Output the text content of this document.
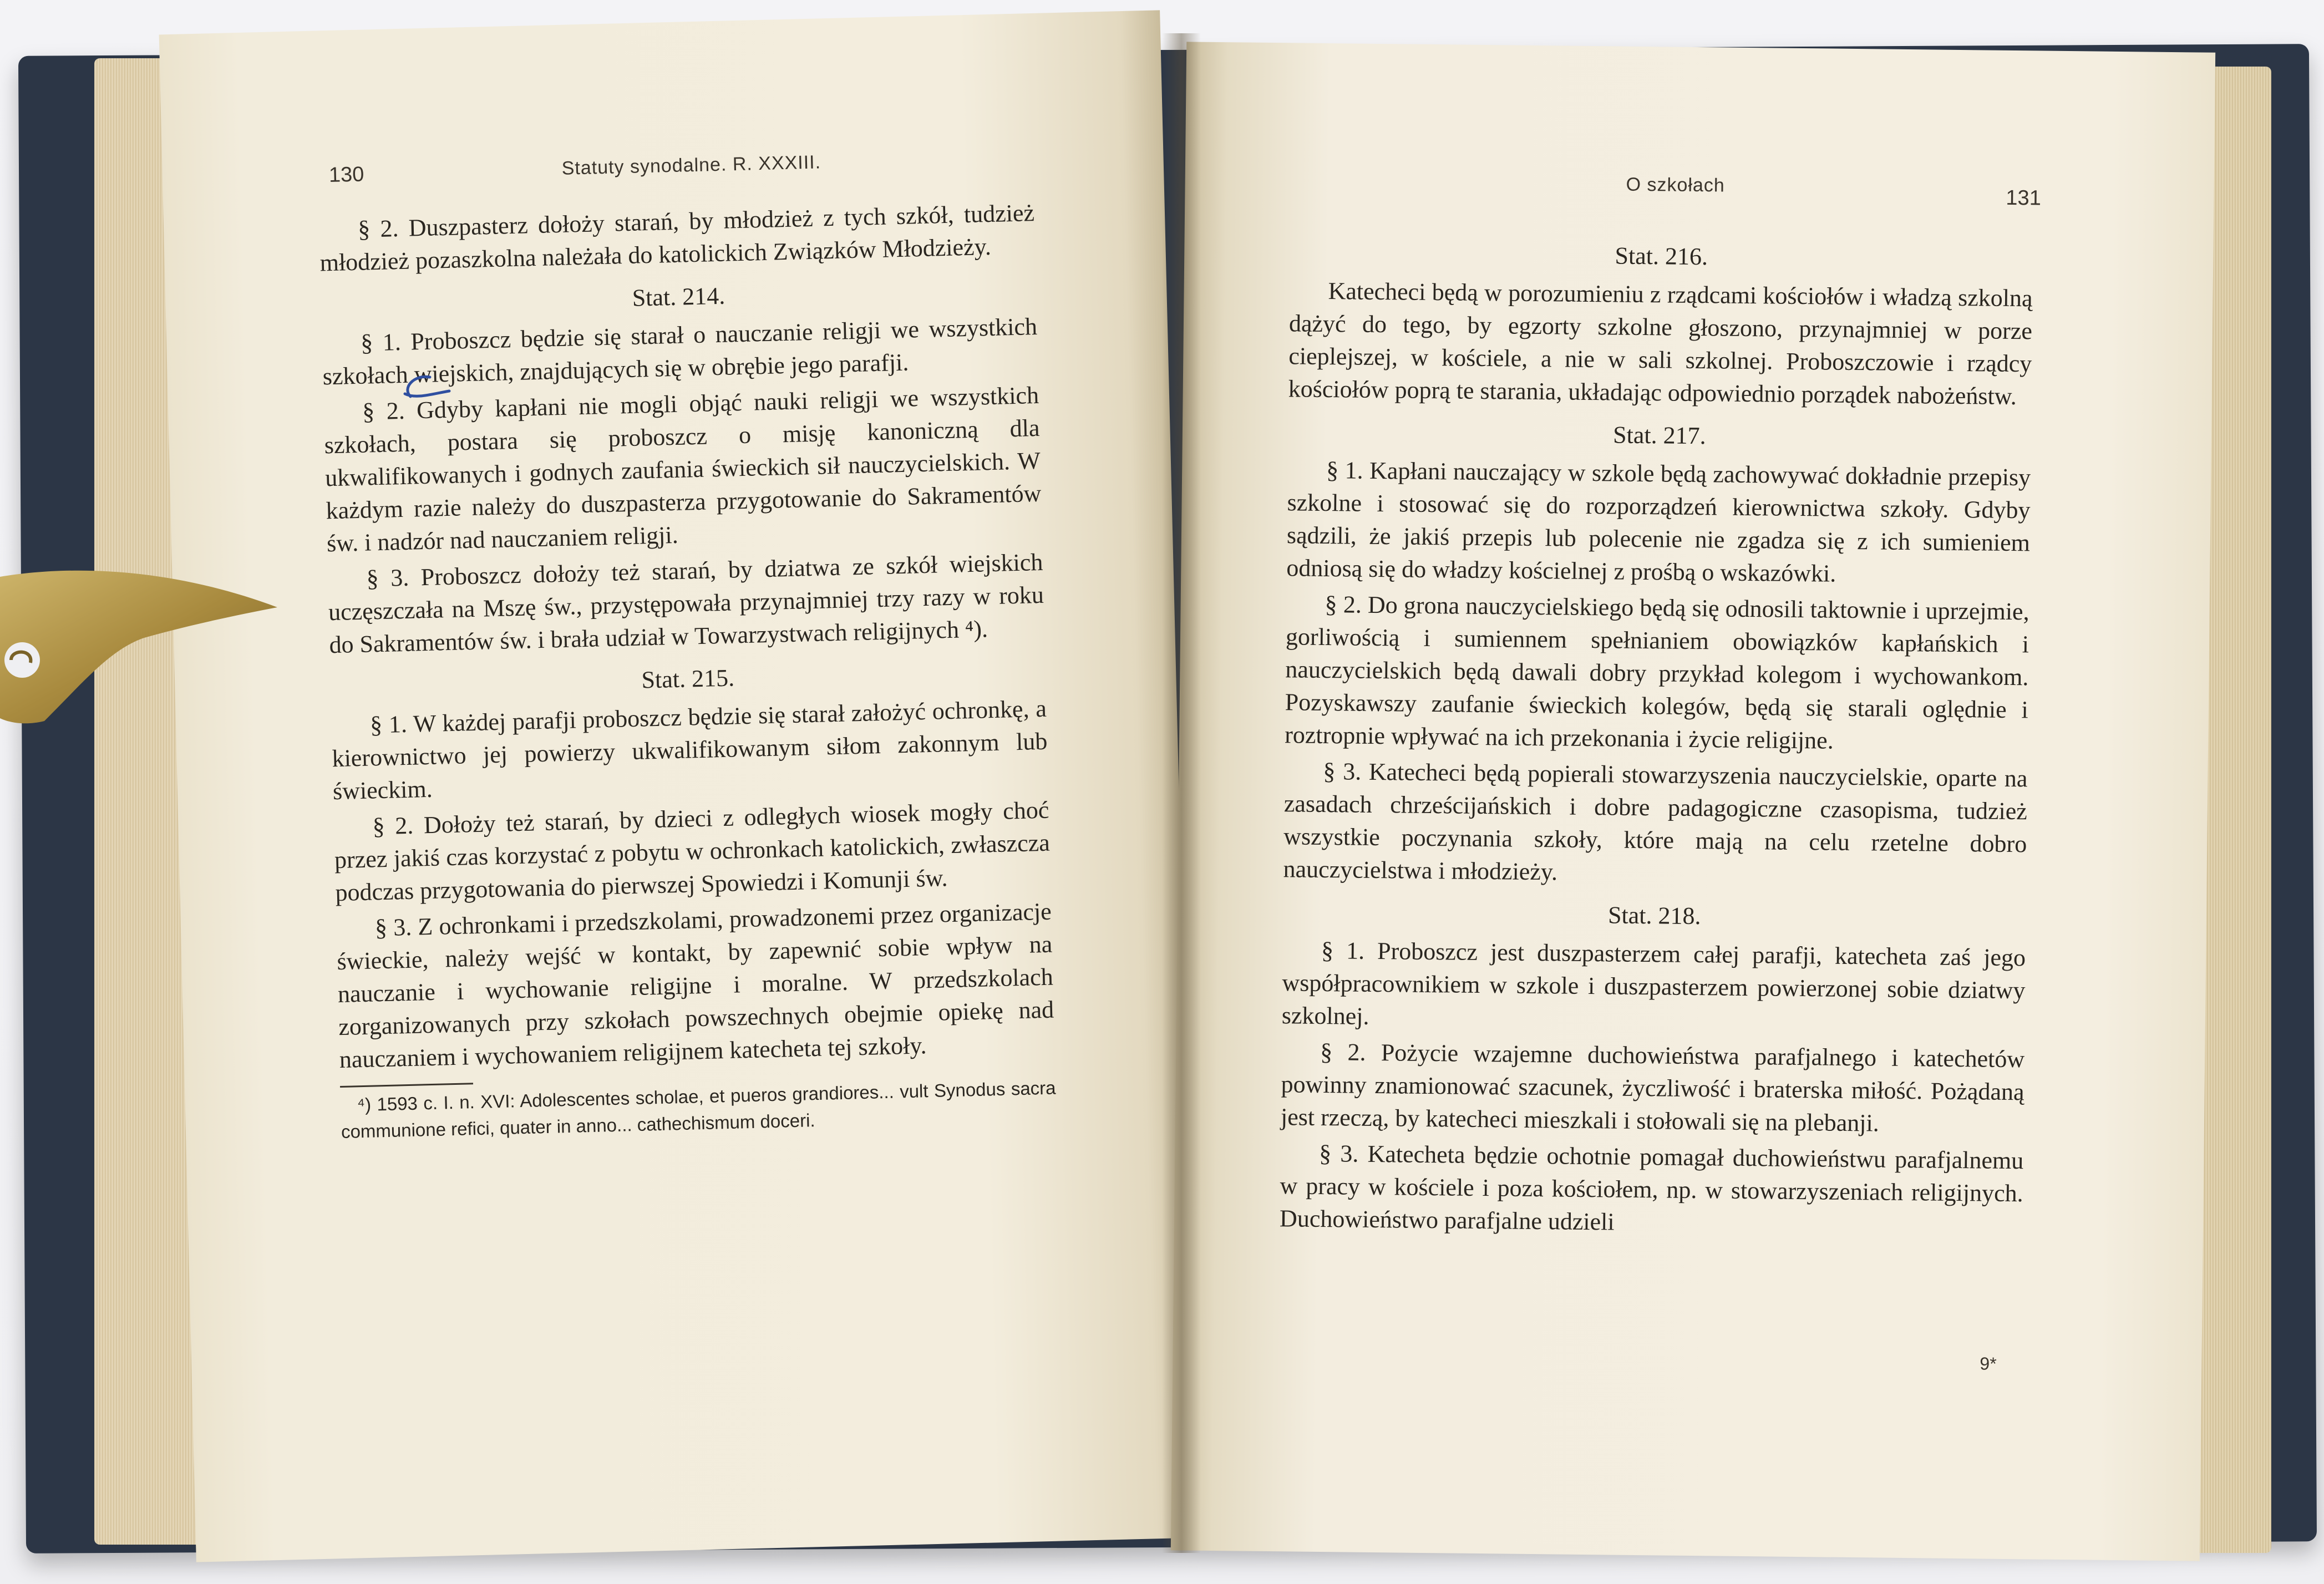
130	Statuty synodalne. R. XXXIII.
§ 2. Duszpasterz dołoży starań, by młodzież z tych szkół, tudzież młodzież pozaszkolna należała do katolickich Związków Młodzieży.
Stat. 214.
§ 1. Proboszcz będzie się starał o nauczanie religji we wszystkich szkołach wiejskich, znajdujących się w obrębie jego parafji.
§ 2. Gdyby kapłani nie mogli objąć nauki religji we wszystkich szkołach, postara się proboszcz o misję kanoniczną dla ukwalifikowanych i godnych zaufania świeckich sił nauczycielskich. W każdym razie należy do duszpasterza przygotowanie do Sakramentów św. i nadzór nad nauczaniem religji.
§ 3. Proboszcz dołoży też starań, by dziatwa ze szkół wiejskich uczęszczała na Mszę św., przystępowała przynajmniej trzy razy w roku do Sakramentów św. i brała udział w Towarzystwach religijnych ⁴).
Stat. 215.
§ 1. W każdej parafji proboszcz będzie się starał założyć ochronkę, a kierownictwo jej powierzy ukwalifikowanym siłom zakonnym lub świeckim.
§ 2. Dołoży też starań, by dzieci z odległych wiosek mogły choć przez jakiś czas korzystać z pobytu w ochronkach katolickich, zwłaszcza podczas przygotowania do pierwszej Spowiedzi i Komunji św.
§ 3. Z ochronkami i przedszkolami, prowadzonemi przez organizacje świeckie, należy wejść w kontakt, by zapewnić sobie wpływ na nauczanie i wychowanie religijne i moralne. W przedszkolach zorganizowanych przy szkołach powszechnych obejmie opiekę nad nauczaniem i wychowaniem religijnem katecheta tej szkoły.

⁴) 1593 c. I. n. XVI: Adolescentes scholae, et pueros grandiores... vult Synodus sacra communione refici, quater in anno... cathechismum doceri.

O szkołach
131
Stat. 216.
Katecheci będą w porozumieniu z rządcami kościołów i władzą szkolną dążyć do tego, by egzorty szkolne głoszono, przynajmniej w porze cieplejszej, w kościele, a nie w sali szkolnej. Proboszczowie i rządcy kościołów poprą te starania, układając odpowiednio porządek nabożeństw.
Stat. 217.
§ 1. Kapłani nauczający w szkole będą zachowywać dokładnie przepisy szkolne i stosować się do rozporządzeń kierownictwa szkoły. Gdyby sądzili, że jakiś przepis lub polecenie nie zgadza się z ich sumieniem odniosą się do władzy kościelnej z prośbą o wskazówki.
§ 2. Do grona nauczycielskiego będą się odnosili taktownie i uprzejmie, gorliwością i sumiennem spełnianiem obowiązków kapłańskich i nauczycielskich będą dawali dobry przykład kolegom i wychowankom. Pozyskawszy zaufanie świeckich kolegów, będą się starali oględnie i roztropnie wpływać na ich przekonania i życie religijne.
§ 3. Katecheci będą popierali stowarzyszenia nauczycielskie, oparte na zasadach chrześcijańskich i dobre padagogiczne czasopisma, tudzież wszystkie poczynania szkoły, które mają na celu rzetelne dobro nauczycielstwa i młodzieży.
Stat. 218.
§ 1. Proboszcz jest duszpasterzem całej parafji, katecheta zaś jego współpracownikiem w szkole i duszpasterzem powierzonej sobie dziatwy szkolnej.
§ 2. Pożycie wzajemne duchowieństwa parafjalnego i katechetów powinny znamionować szacunek, życzliwość i braterska miłość. Pożądaną jest rzeczą, by katecheci mieszkali i stołowali się na plebanji.
§ 3. Katecheta będzie ochotnie pomagał duchowieństwu parafjalnemu w pracy w kościele i poza kościołem, np. w stowarzyszeniach religijnych. Duchowieństwo parafjalne udzieli
9*
